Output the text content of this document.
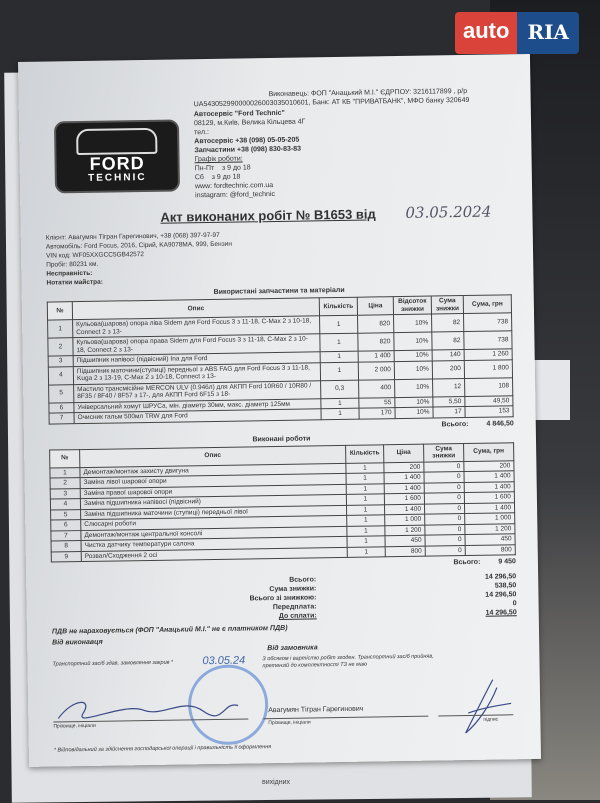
FORD
TECHNIC
Виконавець: ФОП "Анацький М.І." ЄДРПОУ: 3216117899 , р/р
UA543052990000026003035010601, Банк: АТ КБ "ПРИВАТБАНК", МФО банку 320649
Автосервіс "Ford Technic"
08129, м.Київ, Велика Кільцева 4Г
тел.:
Автосервіс +38 (098) 05-05-205
Запчастини +38 (098) 830-83-83
Графік роботи:
Пн-Пт    з 9 до 18
Сб    з 9 до 18
www: fordtechnic.com.ua
instagram: @ford_technic
Акт виконаних робіт № B1653 від 03.05.2024
Клієнт: Авагумян Тігран Гарегинович, +38 (068) 397-97-97
Автомобіль: Ford Focus, 2016, Сірий, KA9078MA, 999, Бензин
VIN код: WF05XXGCC5GB42572
Пробіг: 80231 км.
Несправність:
Нотатки майстра:
Використані запчастини та матеріали
№	Опис	Кількість	Ціна	Відсоток знижки	Сума знижки	Сума, грн
1	Кульова(шарова) опора ліва Sidem для Ford Focus 3 з 11-18, C-Max 2 з 10-18, Connect 2 з 13-	1	820	10%	82	738
2	Кульова(шарова) опора права Sidem для Ford Focus 3 з 11-18, C-Max 2 з 10-18, Connect 2 з 13-	1	820	10%	82	738
3	Підшипник напівосі (підвісний) Ina для Ford	1	1 400	10%	140	1 260
4	Підшипник маточини(ступиці) передньої з ABS FAG для Ford Focus 3 з 11-18, Kuga 2 з 13-19, C-Max 2 з 10-18, Connect з 13-	1	2 000	10%	200	1 800
5	Мастило трансмісійне MERCON ULV (0.946л) для АКПП Ford 10R60 / 10R80 / 8F35 / 8F40 / 8F57 з 17-, для АКПП Ford 6F15 з 18-	0,3	400	10%	12	108
6	Універсальний хомут ШРУСа, мін. діаметр 30мм, макс. діаметр 125мм	1	55	10%	5,50	49,50
7	Очисник гальм 500мл TRW для Ford	1	170	10%	17	153
Всього:	4 846,50
Виконані роботи
№	Опис	Кількість	Ціна	Сума знижки	Сума, грн
1	Демонтаж/монтаж захисту двигуна	1	200	0	200
2	Заміна лівої шарової опори	1	1 400	0	1 400
3	Заміна правої шарової опори	1	1 400	0	1 400
4	Заміна підшипника напівосі (підвісний)	1	1 600	0	1 600
5	Заміна підшипника маточини (ступиці) передньої лівої	1	1 400	0	1 400
6	Слюсарні роботи	1	1 000	0	1 000
7	Демонтаж/монтаж центральної консолі	1	1 200	0	1 200
8	Чистка датчику температури салона	1	450	0	450
9	Розвал/Сходження 2 осі	1	800	0	800
Всього:	9 450
Всього:	14 296,50
Сума знижки:	538,50
Всього зі знижкою:	14 296,50
Передплата:	0
До сплати:	14 296,50
ПДВ не нараховується (ФОП "Анацький М.І." не є платником ПДВ)
Від виконавця
Від замовника
Транспортний засіб здав, замовлення закрив *	03.05.24	З обсягом і вартістю робіт згоден. Транспортний засіб прийняв, претензій до комплектності ТЗ не маю
Авагумян Тігран Гарегинович
Прізвище, ініціали
Прізвище, ініціали	підпис
* Відповідальний за здійснення господарської операції і правильність її оформлення
вихідних
auto RIA
